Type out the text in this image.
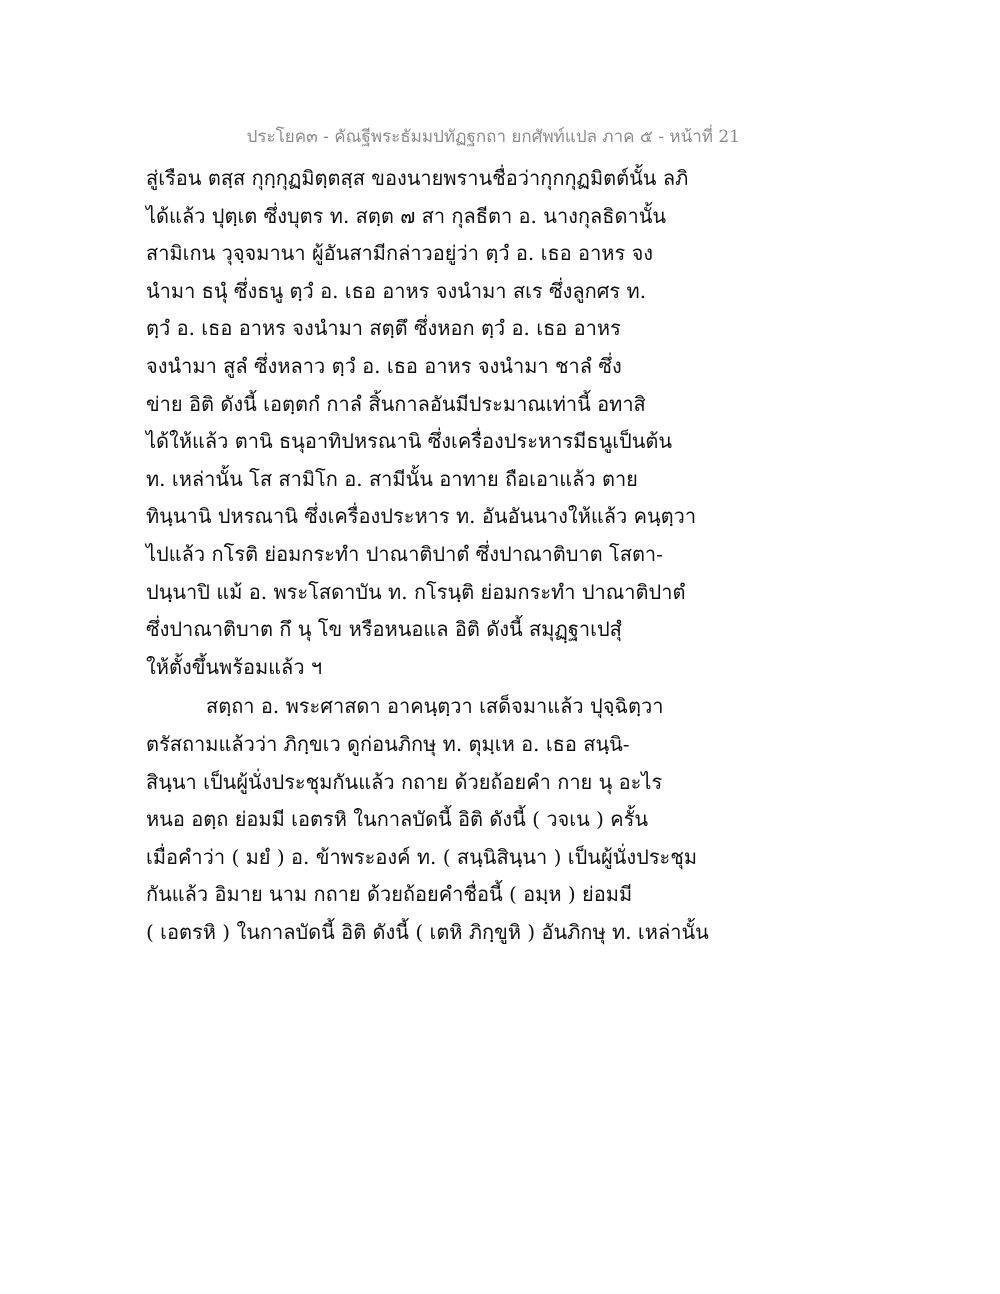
ประโยค๓ - คัณฐีพระธัมมปทัฏฐกถา ยกศัพท์แปล ภาค ๕ - หน้าที่ 21
สู่เรือน ตสฺส กุกฺกุฏมิตฺตสฺส ของนายพรานชื่อว่ากุกกุฏมิตต์นั้น ลภิ
ได้แล้ว ปุตฺเต ซึ่งบุตร ท. สตฺต ๗ สา กุลธีตา อ. นางกุลธิดานั้น
สามิเกน วุจฺจมานา ผู้อันสามีกล่าวอยู่ว่า ตฺวํ อ. เธอ อาหร จง
นำมา ธนุํ ซึ่งธนู ตฺวํ อ. เธอ อาหร จงนำมา สเร ซึ่งลูกศร ท.
ตฺวํ อ. เธอ อาหร จงนำมา สตฺตึ ซึ่งหอก ตฺวํ อ. เธอ อาหร
จงนำมา สูลํ ซึ่งหลาว ตฺวํ อ. เธอ อาหร จงนำมา ชาลํ ซึ่ง
ข่าย อิติ ดังนี้ เอตฺตกํ กาลํ สิ้นกาลอันมีประมาณเท่านี้ อทาสิ
ได้ให้แล้ว ตานิ ธนุอาทิปหรณานิ ซึ่งเครื่องประหารมีธนูเป็นต้น
ท. เหล่านั้น โส สามิโก อ. สามีนั้น อาทาย ถือเอาแล้ว ตาย
ทินฺนานิ ปหรณานิ ซึ่งเครื่องประหาร ท. อันอันนางให้แล้ว คนฺตฺวา
ไปแล้ว กโรติ ย่อมกระทำ ปาณาติปาตํ ซึ่งปาณาติบาต โสตา-
ปนฺนาปิ แม้ อ. พระโสดาบัน ท. กโรนฺติ ย่อมกระทำ ปาณาติปาตํ
ซึ่งปาณาติบาต กึ นุ โข หรือหนอแล อิติ ดังนี้ สมุฏฺฐาเปสุํ
ให้ตั้งขึ้นพร้อมแล้ว ฯ
สตฺถา อ. พระศาสดา อาคนฺตฺวา เสด็จมาแล้ว ปุจฺฉิตฺวา
ตรัสถามแล้วว่า ภิกฺขเว ดูก่อนภิกษุ ท. ตุมฺเห อ. เธอ สนฺนิ-
สินฺนา เป็นผู้นั่งประชุมกันแล้ว กถาย ด้วยถ้อยคำ กาย นุ อะไร
หนอ อตฺถ ย่อมมี เอตรหิ ในกาลบัดนี้ อิติ ดังนี้ ( วจเน ) ครั้น
เมื่อคำว่า ( มยํ ) อ. ข้าพระองค์ ท. ( สนฺนิสินฺนา ) เป็นผู้นั่งประชุม
กันแล้ว อิมาย นาม กถาย ด้วยถ้อยคำชื่อนี้ ( อมฺห ) ย่อมมี
( เอตรหิ ) ในกาลบัดนี้ อิติ ดังนี้ ( เตหิ ภิกฺขูหิ ) อันภิกษุ ท. เหล่านั้น
